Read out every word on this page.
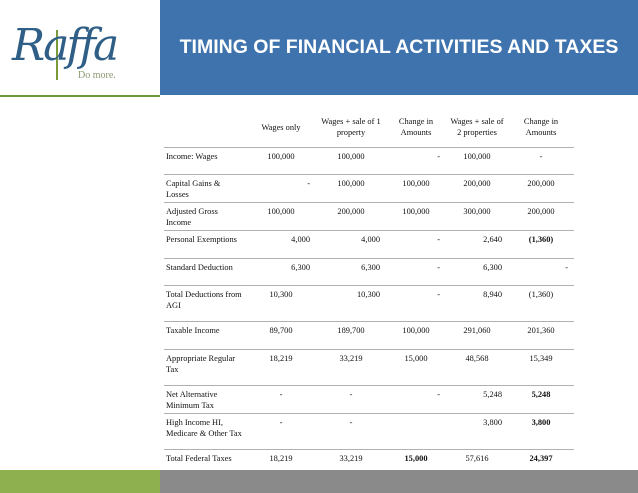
Raffa
Do more.
TIMING OF FINANCIAL ACTIVITIES AND TAXES
	Wages only	Wages + sale of 1 property	Change in Amounts	Wages + sale of 2 properties	Change in Amounts
Income: Wages	100,000	100,000	-	100,000	-
Capital Gains & Losses	-	100,000	100,000	200,000	200,000
Adjusted Gross Income	100,000	200,000	100,000	300,000	200,000
Personal Exemptions	4,000	4,000	-	2,640	(1,360)
Standard Deduction	6,300	6,300	-	6,300	-
Total Deductions from AGI	10,300	10,300	-	8,940	(1,360)
Taxable Income	89,700	189,700	100,000	291,060	201,360
Appropriate Regular Tax	18,219	33,219	15,000	48,568	15,349
Net Alternative Minimum Tax	-	-	-	5,248	5,248
High Income HI, Medicare & Other Tax	-	-		3,800	3,800
Total Federal Taxes	18,219	33,219	15,000	57,616	24,397
